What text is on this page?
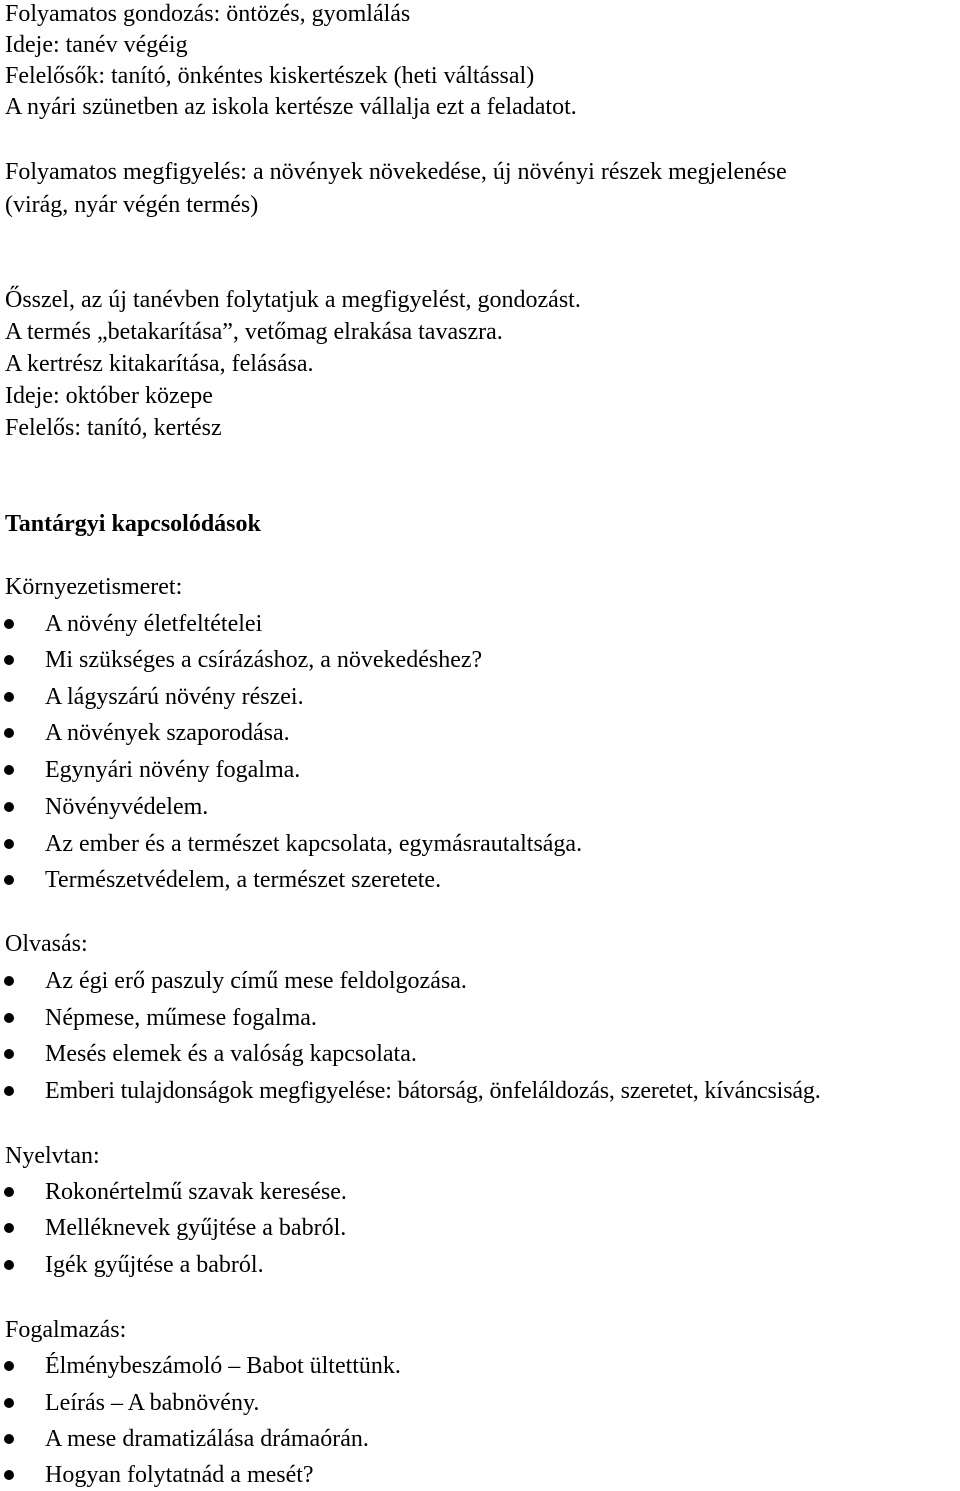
Folyamatos gondozás: öntözés, gyomlálás
Ideje: tanév végéig
Felelősők: tanító, önkéntes kiskertészek (heti váltással)
A nyári szünetben az iskola kertésze vállalja ezt a feladatot.
Folyamatos megfigyelés: a növények növekedése, új növényi részek megjelenése
(virág, nyár végén termés)
Ősszel, az új tanévben folytatjuk a megfigyelést, gondozást.
A termés „betakarítása”, vetőmag elrakása tavaszra.
A kertrész kitakarítása, felásása.
Ideje: október közepe
Felelős: tanító, kertész
Tantárgyi kapcsolódások
Környezetismeret:
A növény életfeltételei
Mi szükséges a csírázáshoz, a növekedéshez?
A lágyszárú növény részei.
A növények szaporodása.
Egynyári növény fogalma.
Növényvédelem.
Az ember és a természet kapcsolata, egymásrautaltsága.
Természetvédelem, a természet szeretete.
Olvasás:
Az égi erő paszuly című mese feldolgozása.
Népmese, műmese fogalma.
Mesés elemek és a valóság kapcsolata.
Emberi tulajdonságok megfigyelése: bátorság, önfeláldozás, szeretet, kíváncsiság.
Nyelvtan:
Rokonértelmű szavak keresése.
Melléknevek gyűjtése a babról.
Igék gyűjtése a babról.
Fogalmazás:
Élménybeszámoló – Babot ültettünk.
Leírás – A babnövény.
A mese dramatizálása drámaórán.
Hogyan folytatnád a mesét?
